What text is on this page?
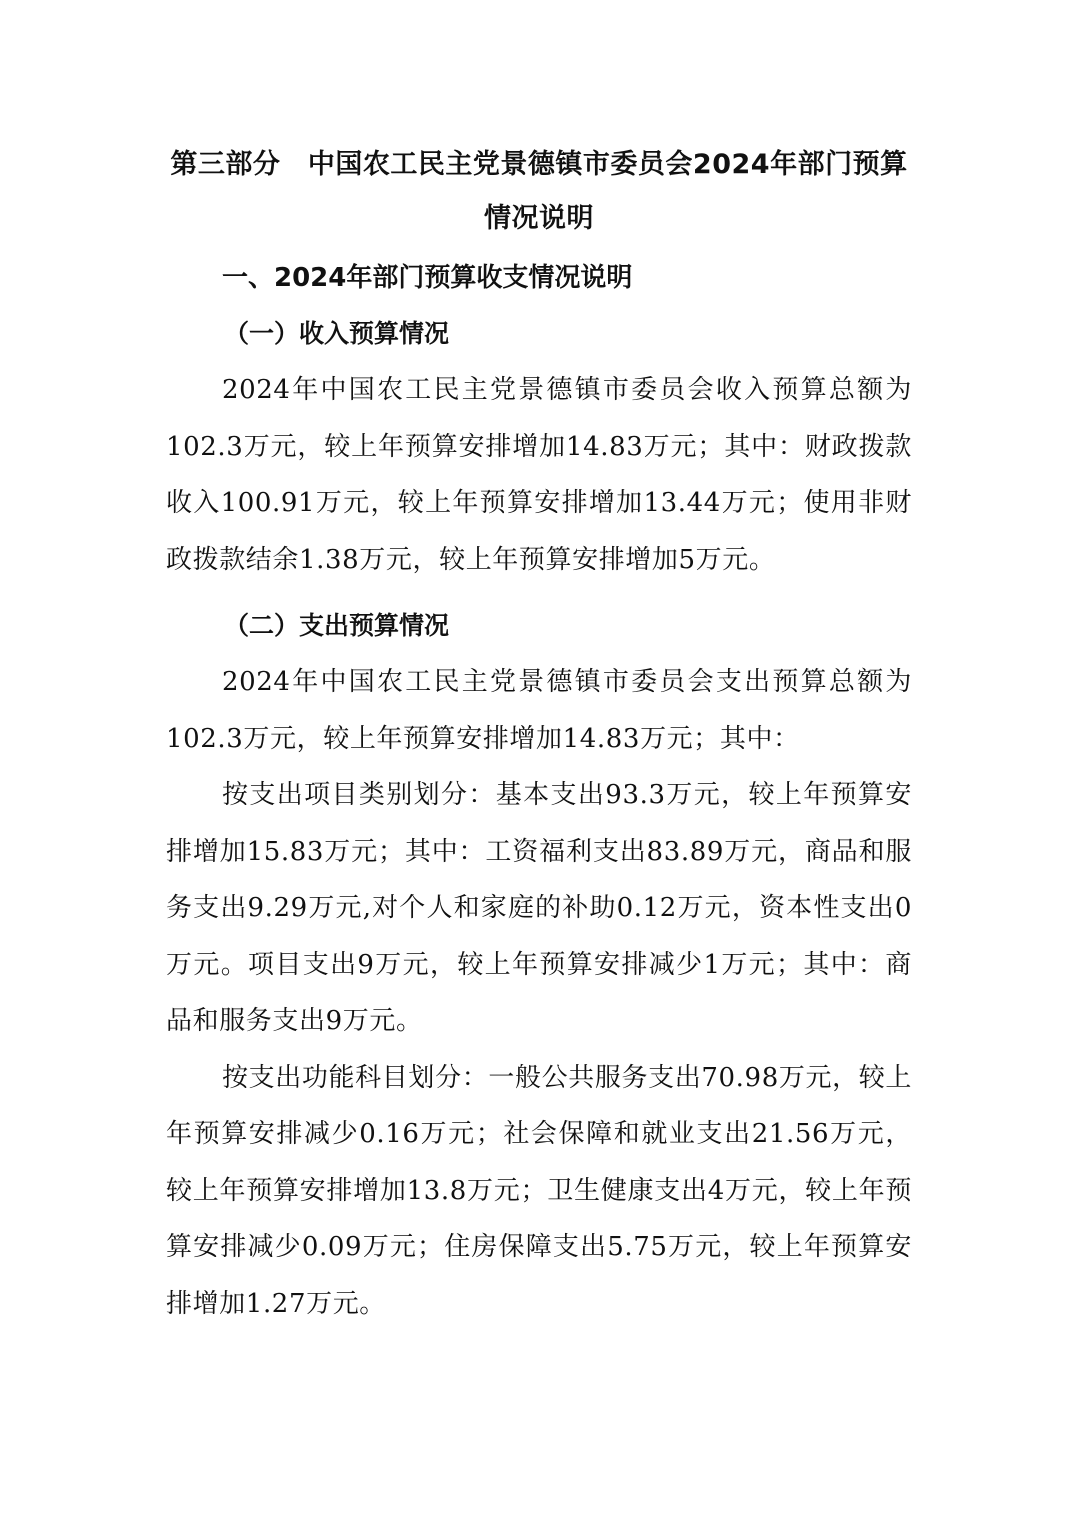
第三部分　中国农工民主党景德镇市委员会2024年部门预算情况说明
一、2024年部门预算收支情况说明
（一）收入预算情况

2024年中国农工民主党景德镇市委员会收入预算总额为102.3万元，较上年预算安排增加14.83万元；其中：财政拨款收入100.91万元，较上年预算安排增加13.44万元；使用非财政拨款结余1.38万元，较上年预算安排增加5万元。

（二）支出预算情况

2024年中国农工民主党景德镇市委员会支出预算总额为102.3万元，较上年预算安排增加14.83万元；其中：

按支出项目类别划分：基本支出93.3万元，较上年预算安排增加15.83万元；其中：工资福利支出83.89万元，商品和服务支出9.29万元,对个人和家庭的补助0.12万元，资本性支出0万元。项目支出9万元，较上年预算安排减少1万元；其中：商品和服务支出9万元。

按支出功能科目划分：一般公共服务支出70.98万元，较上年预算安排减少0.16万元；社会保障和就业支出21.56万元，较上年预算安排增加13.8万元；卫生健康支出4万元，较上年预算安排减少0.09万元；住房保障支出5.75万元，较上年预算安排增加1.27万元。
